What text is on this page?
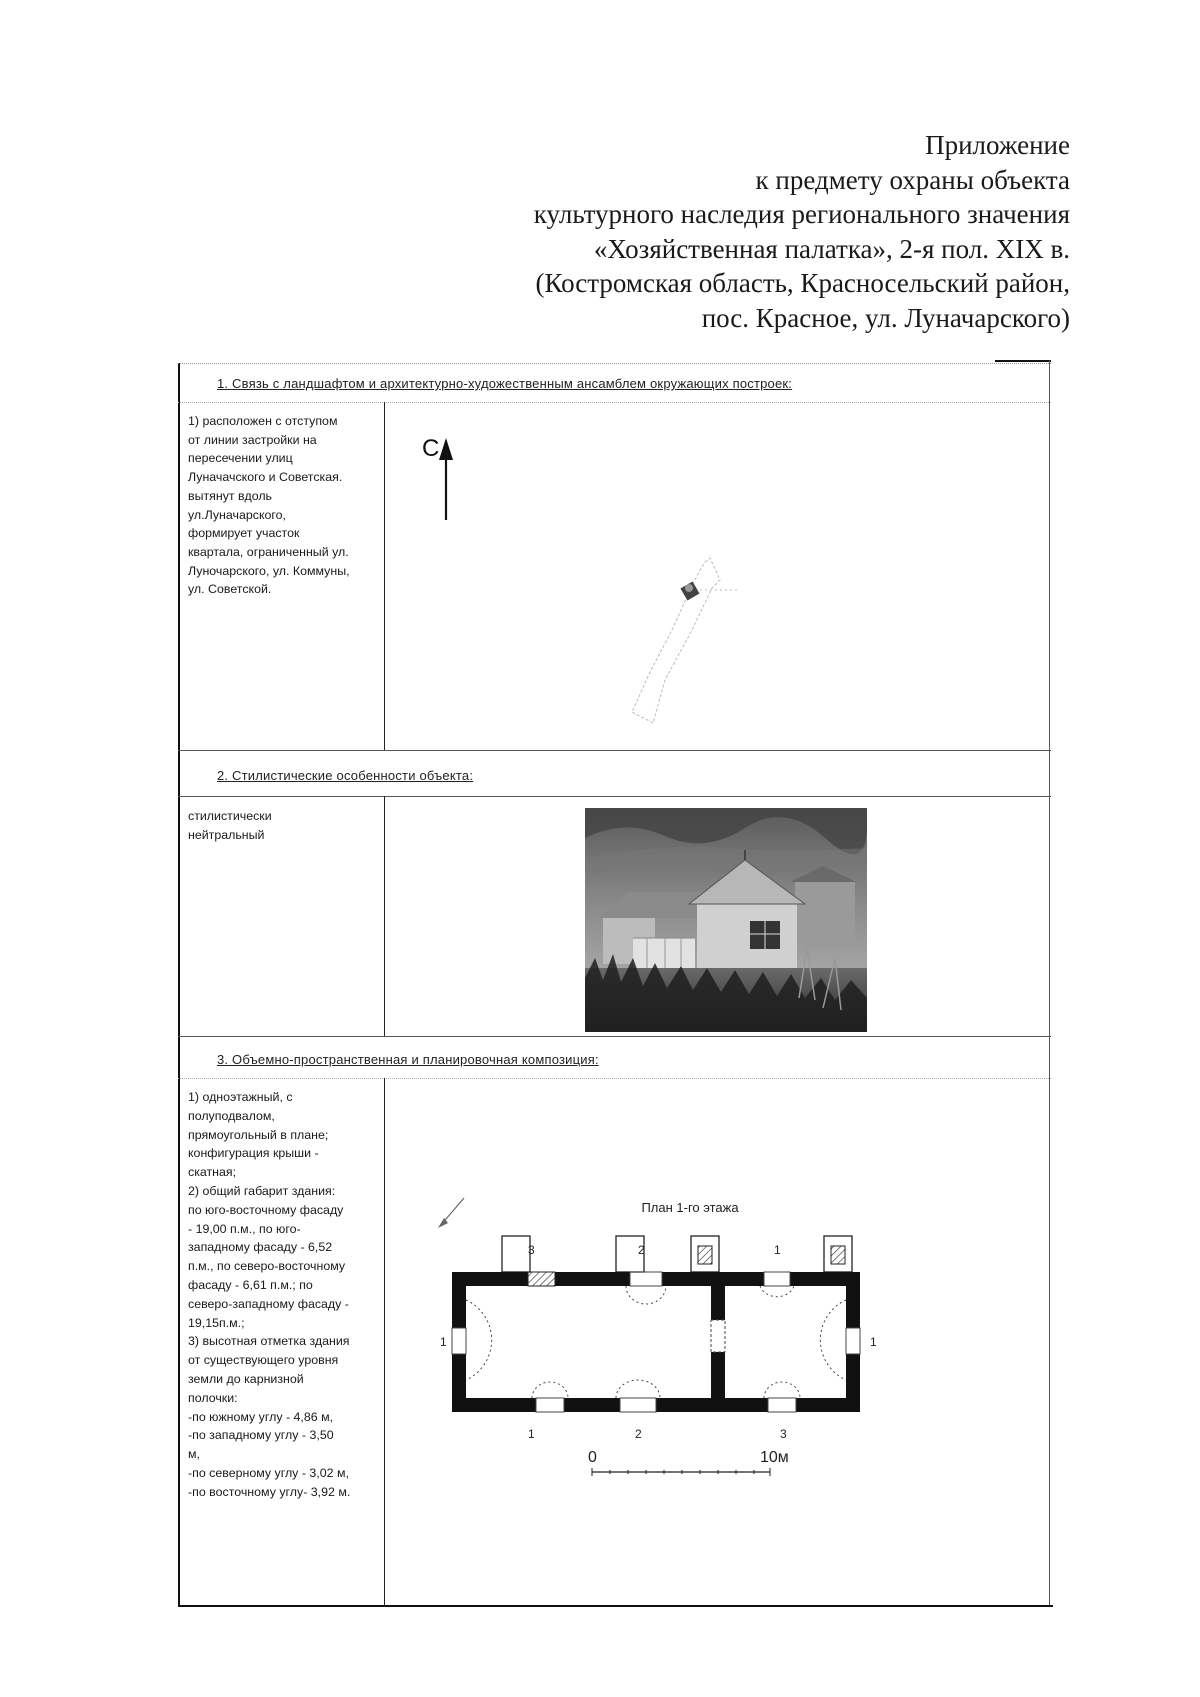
Приложение
к предмету охраны объекта
культурного наследия регионального значения
«Хозяйственная палатка», 2-я пол. XIX в.
(Костромская область, Красносельский район,
пос. Красное, ул. Луначарского)
1. Связь с ландшафтом и архитектурно-художественным ансамблем окружающих построек:
1) расположен с отступом
от линии застройки на
пересечении улиц
Луначачского и Советская.
вытянут вдоль
ул.Луначарского,
формирует участок
квартала, ограниченный ул.
Луночарского, ул. Коммуны,
ул. Советской.
С
2. Стилистические особенности объекта:
стилистически
нейтральный
3. Объемно-пространственная и планировочная композиция:
1) одноэтажный, с
полуподвалом,
прямоугольный в плане;
конфигурация крыши -
скатная;
2) общий габарит здания:
по юго-восточному фасаду
- 19,00 п.м., по юго-
западному фасаду - 6,52
п.м., по северо-восточному
фасаду - 6,61 п.м.; по
северо-западному фасаду -
19,15п.м.;
3) высотная отметка здания
от существующего уровня
земли до карнизной
полочки:
-по южному углу - 4,86 м,
-по западному углу - 3,50
м,
-по северному углу - 3,02 м,
-по восточному углу- 3,92 м.
План 1-го этажа
3	2	1
1	2	3
1	1
0	10м
